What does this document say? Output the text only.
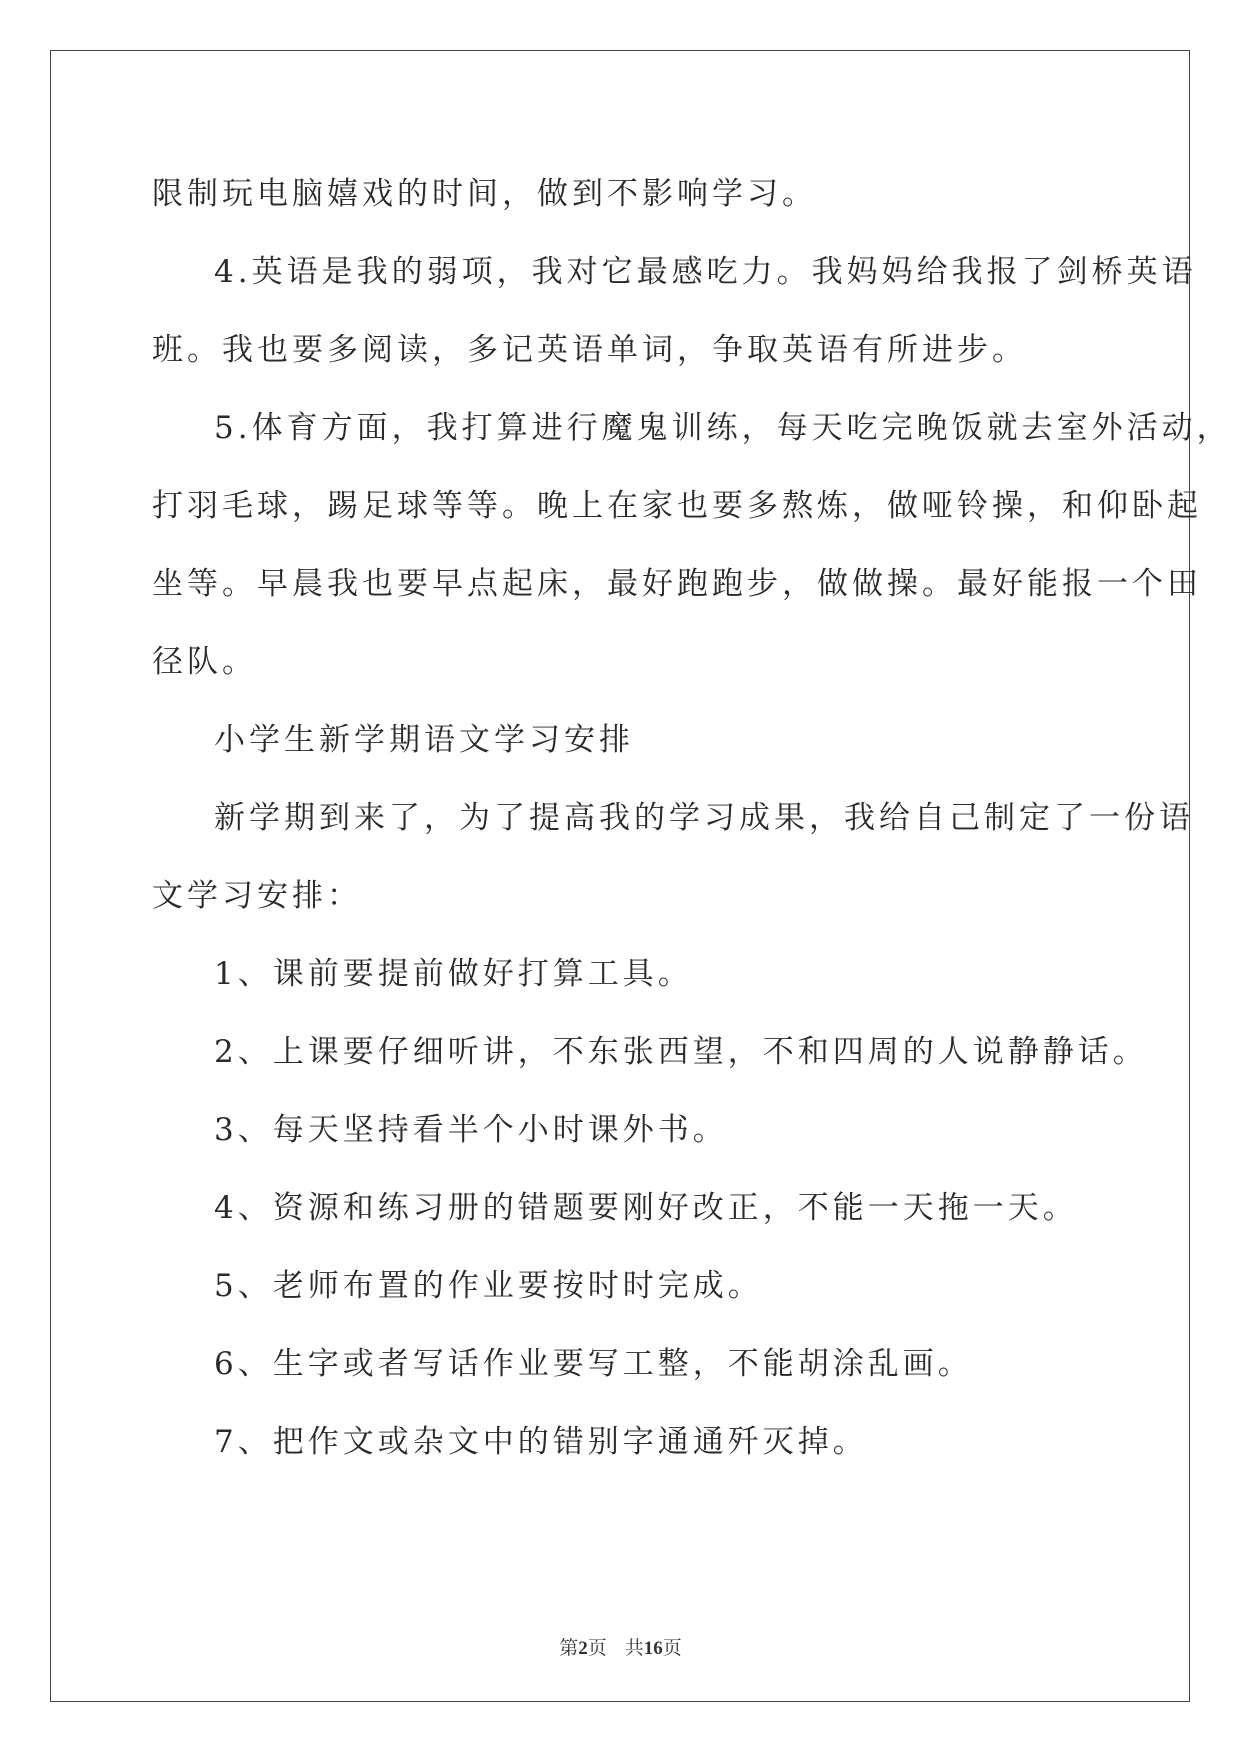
限制玩电脑嬉戏的时间，做到不影响学习。

4.英语是我的弱项，我对它最感吃力。我妈妈给我报了剑桥英语

班。我也要多阅读，多记英语单词，争取英语有所进步。

5.体育方面，我打算进行魔鬼训练，每天吃完晚饭就去室外活动，

打羽毛球，踢足球等等。晚上在家也要多熬炼，做哑铃操，和仰卧起

坐等。早晨我也要早点起床，最好跑跑步，做做操。最好能报一个田

径队。

小学生新学期语文学习安排

新学期到来了，为了提高我的学习成果，我给自己制定了一份语

文学习安排：

1、课前要提前做好打算工具。

2、上课要仔细听讲，不东张西望，不和四周的人说静静话。

3、每天坚持看半个小时课外书。

4、资源和练习册的错题要刚好改正，不能一天拖一天。

5、老师布置的作业要按时时完成。

6、生字或者写话作业要写工整，不能胡涂乱画。

7、把作文或杂文中的错别字通通歼灭掉。

第2页 共16页
